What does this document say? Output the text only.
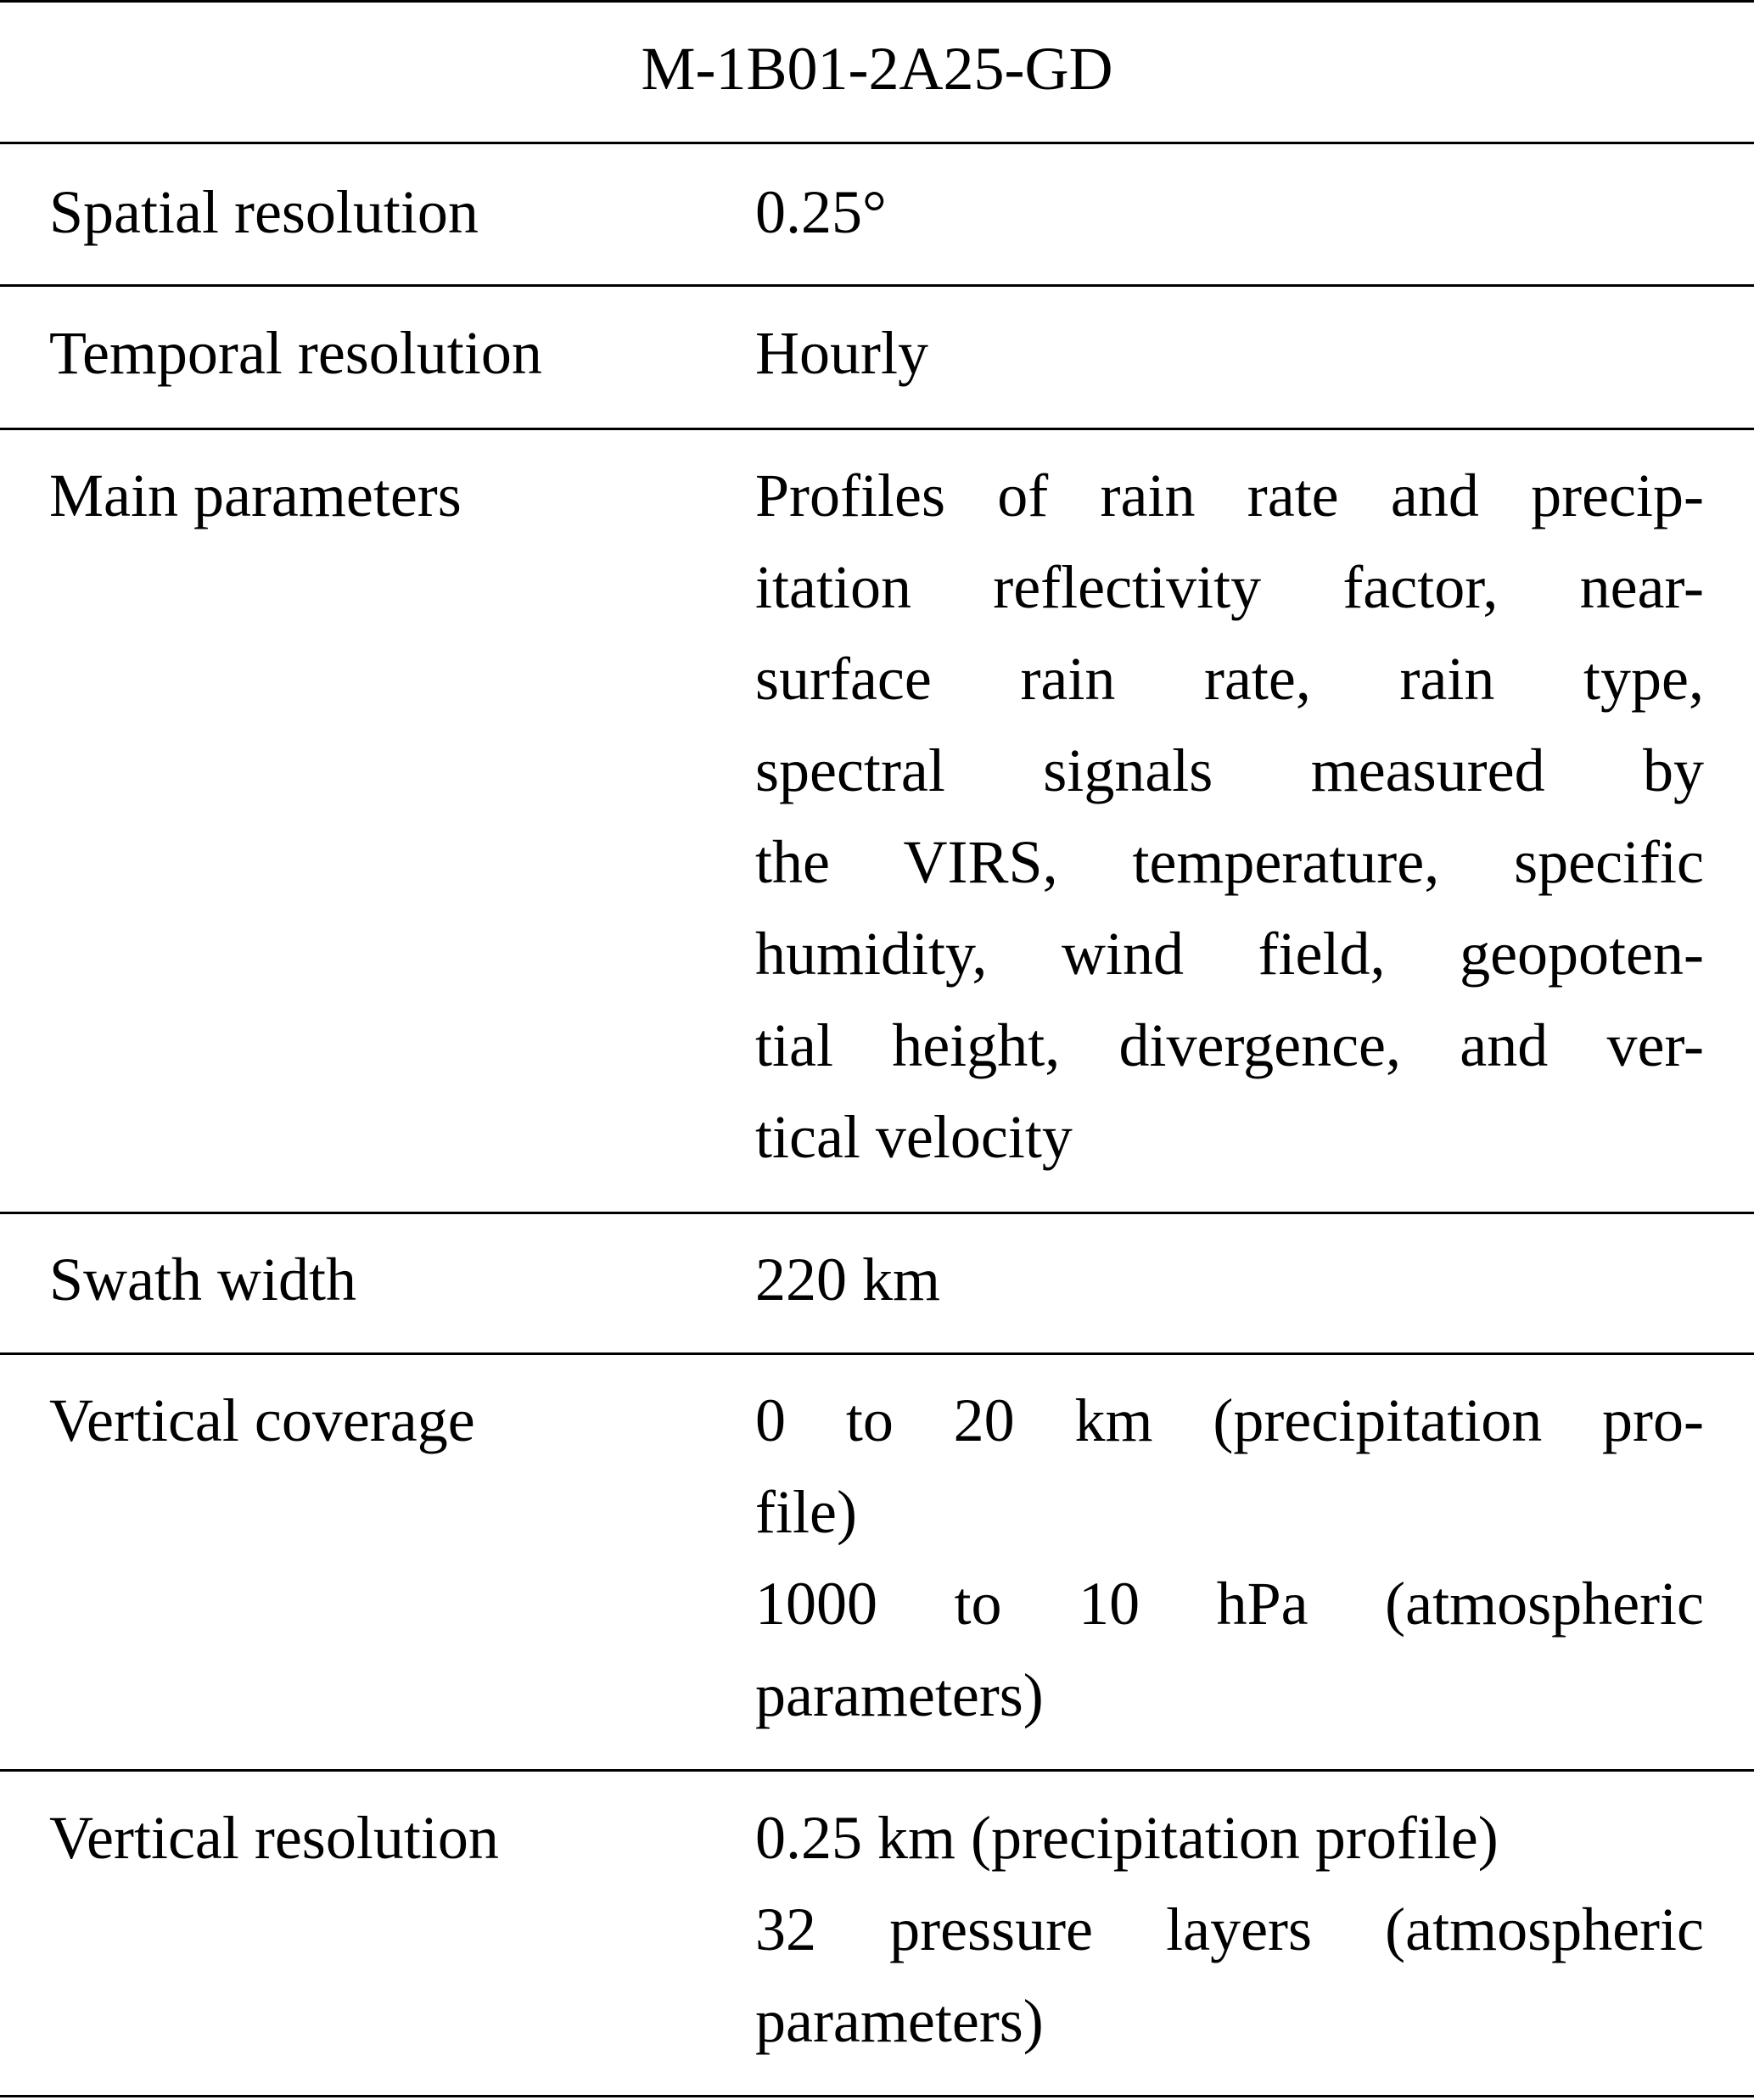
M-1B01-2A25-GD
Spatial resolution	0.25°
Temporal resolution	Hourly
Main parameters	Profiles of rain rate and precip-
itation reflectivity factor, near-
surface rain rate, rain type,
spectral signals measured by
the VIRS, temperature, specific
humidity, wind field, geopoten-
tial height, divergence, and ver-
tical velocity
Swath width	220 km
Vertical coverage	0 to 20 km (precipitation pro-
file)
1000 to 10 hPa (atmospheric
parameters)
Vertical resolution	0.25 km (precipitation profile)
32 pressure layers (atmospheric
parameters)
